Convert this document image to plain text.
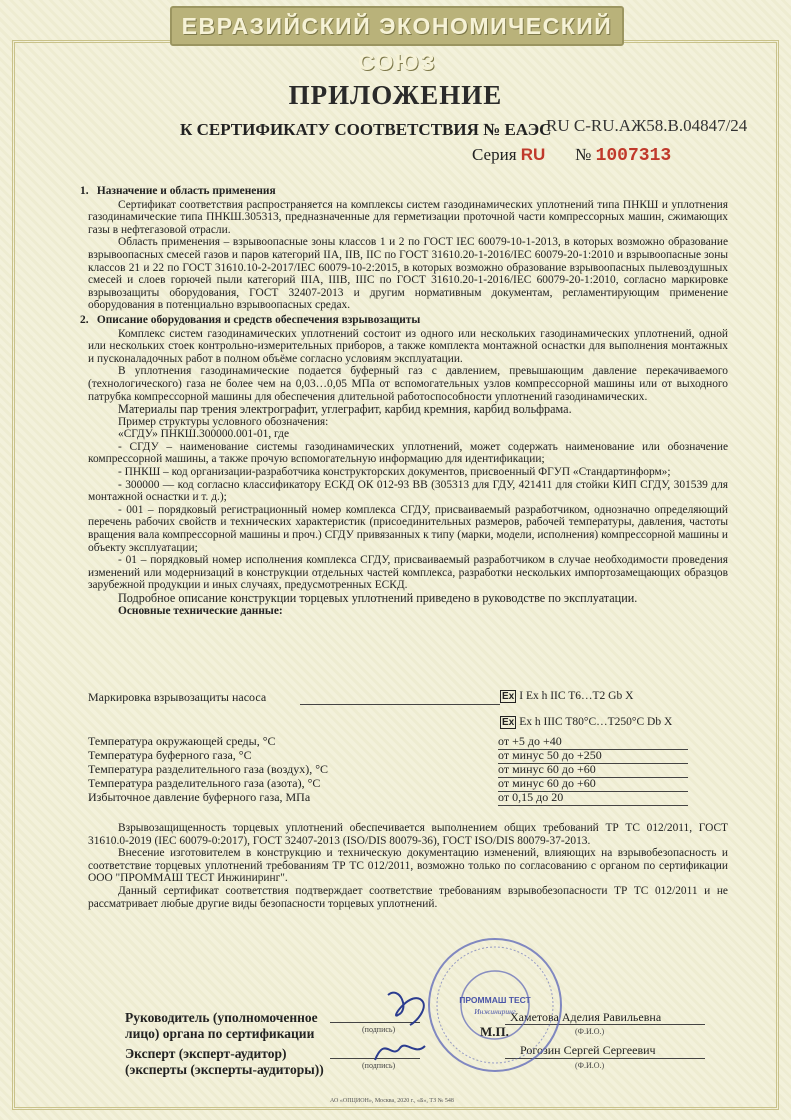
ЕВРАЗИЙСКИЙ ЭКОНОМИЧЕСКИЙ СОЮЗ
ПРИЛОЖЕНИЕ
К СЕРТИФИКАТУ СООТВЕТСТВИЯ № ЕАЭС
RU C-RU.АЖ58.В.04847/24
Серия RU № 1007313
1. Назначение и область применения

Сертификат соответствия распространяется на комплексы систем газодинамических уплотнений типа ПНКШ и уплотнения газодинамические типа ПНКШ.305313, предназначенные для герметизации проточной части компрессорных машин, сжимающих газы в нефтегазовой отрасли.

Область применения – взрывоопасные зоны классов 1 и 2 по ГОСТ IEC 60079-10-1-2013, в которых возможно образование взрывоопасных смесей газов и паров категорий IIA, IIB, IIC по ГОСТ 31610.20-1-2016/IEC 60079-20-1:2010 и взрывоопасные зоны классов 21 и 22 по ГОСТ 31610.10-2-2017/IEC 60079-10-2:2015, в которых возможно образование взрывоопасных пылевоздушных смесей и слоев горючей пыли категорий IIIA, IIIB, IIIC по ГОСТ 31610.20-1-2016/IEC 60079-20-1:2010, согласно маркировке взрывозащиты оборудования, ГОСТ 32407-2013 и другим нормативным документам, регламентирующим применение оборудования в потенциально взрывоопасных средах.

2. Описание оборудования и средств обеспечения взрывозащиты

Комплекс систем газодинамических уплотнений состоит из одного или нескольких газодинамических уплотнений, одной или нескольких стоек контрольно-измерительных приборов, а также комплекта монтажной оснастки для выполнения монтажных и пусконаладочных работ в полном объёме согласно условиям эксплуатации.

В уплотнения газодинамические подается буферный газ с давлением, превышающим давление перекачиваемого (технологического) газа не более чем на 0,03…0,05 МПа от вспомогательных узлов компрессорной машины или от выходного патрубка компрессорной машины для обеспечения длительной работоспособности уплотнений газодинамических.

Материалы пар трения электрографит, углеграфит, карбид кремния, карбид вольфрама.

Пример структуры условного обозначения:

«СГДУ» ПНКШ.300000.001-01, где

- СГДУ – наименование системы газодинамических уплотнений, может содержать наименование или обозначение компрессорной машины, а также прочую вспомогательную информацию для идентификации;

- ПНКШ – код организации-разработчика конструкторских документов, присвоенный ФГУП «Стандартинформ»;

- 300000 — код согласно классификатору ЕСКД ОК 012-93 ВВ (305313 для ГДУ, 421411 для стойки КИП СГДУ, 301539 для монтажной оснастки и т. д.);

- 001 – порядковый регистрационный номер комплекса СГДУ, присваиваемый разработчиком, однозначно определяющий перечень рабочих свойств и технических характеристик (присоединительных размеров, рабочей температуры, давления, частоты вращения вала компрессорной машины и проч.) СГДУ привязанных к типу (марки, модели, исполнения) компрессорной машины и объекту эксплуатации;

- 01 – порядковый номер исполнения комплекса СГДУ, присваиваемый разработчиком в случае необходимости проведения изменений или модернизаций в конструкции отдельных частей комплекса, разработки нескольких импортозамещающих образцов зарубежной продукции и иных случаях, предусмотренных ЕСКД.

Подробное описание конструкции торцевых уплотнений приведено в руководстве по эксплуатации.

Основные технические данные:

Маркировка взрывозащиты насоса	Ex I Ex h IIC T6…T2 Gb X
Ex Ex h IIIC T80°C…T250°C Db X
Температура окружающей среды, °С	от +5 до +40
Температура буферного газа, °С	от минус 50 до +250
Температура разделительного газа (воздух), °С	от минус 60 до +60
Температура разделительного газа (азота), °С	от минус 60 до +60
Избыточное давление буферного газа, МПа	от 0,15 до 20

Взрывозащищенность торцевых уплотнений обеспечивается выполнением общих требований ТР ТС 012/2011, ГОСТ 31610.0-2019 (IEC 60079-0:2017), ГОСТ 32407-2013 (ISO/DIS 80079-36), ГОСТ ISO/DIS 80079-37-2013.

Внесение изготовителем в конструкцию и техническую документацию изменений, влияющих на взрывобезопасность и соответствие торцевых уплотнений требованиям ТР ТС 012/2011, возможно только по согласованию с органом по сертификации ООО "ПРОММАШ ТЕСТ Инжиниринг".

Данный сертификат соответствия подтверждает соответствие требованиям взрывобезопасности ТР ТС 012/2011 и не рассматривает любые другие виды безопасности торцевых уплотнений.

Руководитель (уполномоченное
лицо) органа по сертификации
Эксперт (эксперт-аудитор)
(эксперты (эксперты-аудиторы))
(подпись)
Хаметова Аделия Равильевна
(Ф.И.О.)
М.П.
(подпись)
Рогозин Сергей Сергеевич
(Ф.И.О.)
ПРОММАШ ТЕСТ
Инжиниринг
АО «ОПЦИОН», Москва, 2020 г., «Б», ТЗ № 548
